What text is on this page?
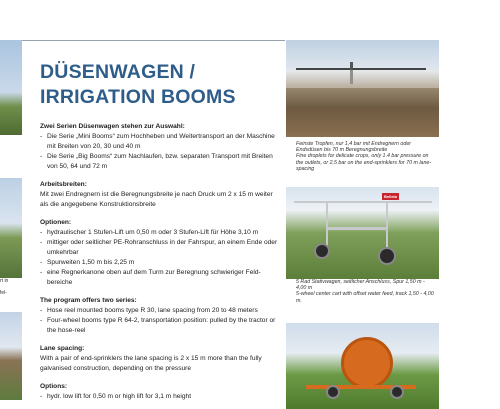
rt in

fel-
DÜSENWAGEN /
IRRIGATION BOOMS
Zwei Serien Düsenwagen stehen zur Auswahl:
- Die Serie „Mini Booms“ zum Hochheben und Weitertransport an der Maschine mit Breiten von 20, 30 und 40 m
- Die Serie „Big Booms“ zum Nachlaufen, bzw. separaten Transport mit Breiten von 50, 64 und 72 m
Arbeitsbreiten:
Mit zwei Endregnern ist die Beregnungsbreite je nach Druck um 2 x 15 m weiter als die angegebene Konstruktionsbreite
Optionen:
- hydraulischer 1 Stufen-Lift um 0,50 m oder 3 Stufen-Lift für Höhe 3,10 m
- mittiger oder seitlicher PE-Rohranschluss in der Fahrspur, an einem Ende oder umkehrbar
- Spurweiten 1,50 m bis 2,25 m
- eine Regnerkanone oben auf dem Turm zur Beregnung schwieriger Feld-bereiche
The program offers two series:
- Hose reel mounted booms type R 30, lane spacing from 20 to 48 meters
- Four-wheel booms type R 64-2, transportation position: pulled by the tractor or the hose-reel
Lane spacing:
With a pair of end-sprinklers the lane spacing is 2 x 15 m more than the fully galvanised construction, depending on the pressure
Options:
- hydr. low lift for 0,50 m or high lift for 3,1 m height
Bellela
Feinste Tropfen, nur 1,4 bar mit Endregnern oder Endsdüsen bis 70 m Beregnungsbreite
Fine droplets for delicate crops, only 1.4 bar pressure on the outlets, or 2,5 bar on the end-sprinklers for 70 m lane-spacing
5 Rad Stativwagen, seitlicher Anschluss, Spur 1,50 m - 4,00 m
5-wheel center cart with offset water feed, track 1,50 - 4,00 m.
